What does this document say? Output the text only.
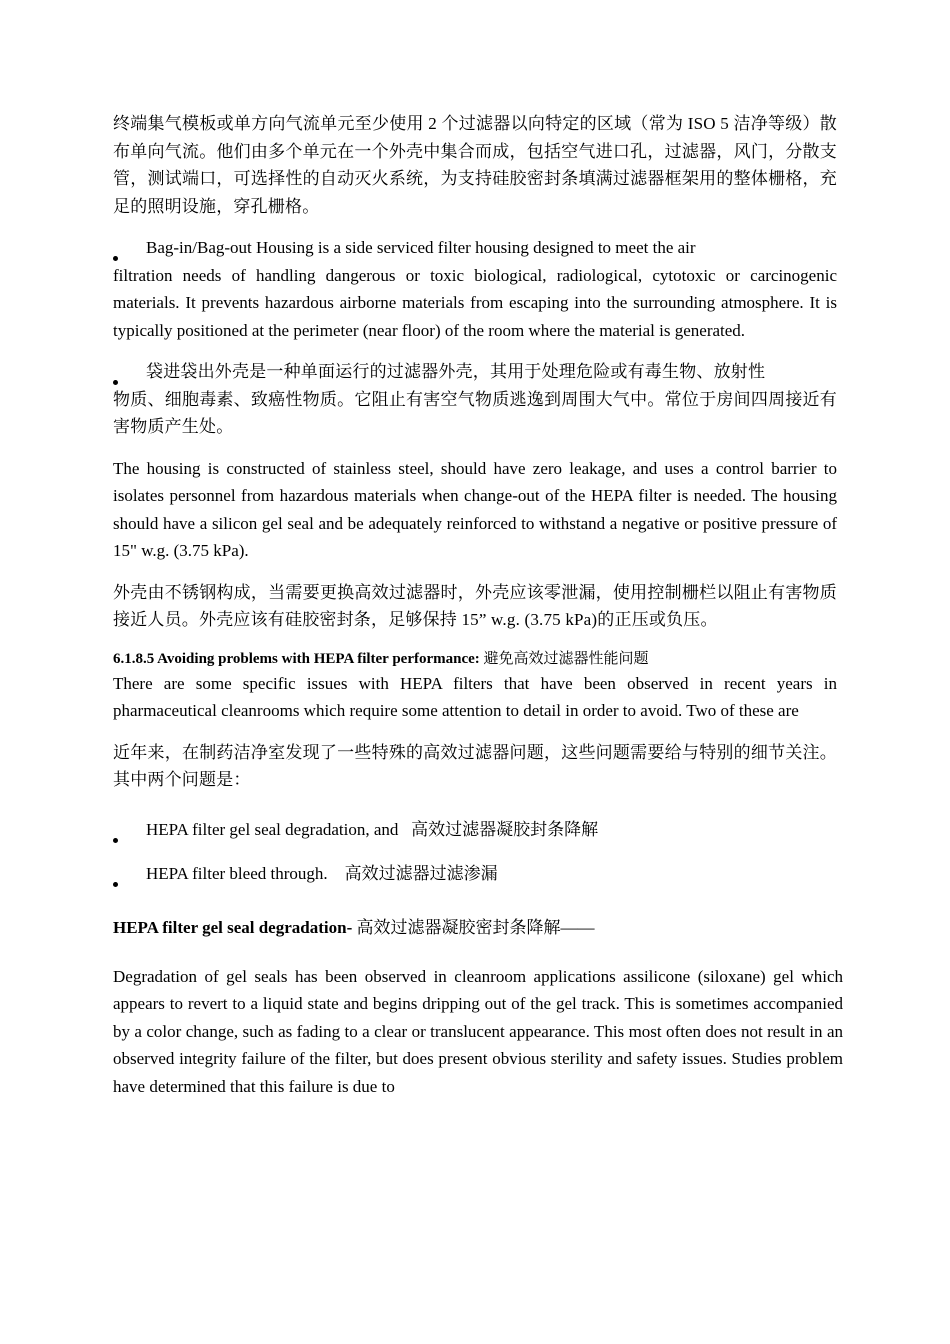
终端集气模板或单方向气流单元至少使用 2 个过滤器以向特定的区域（常为 ISO 5 洁净等级）散布单向气流。他们由多个单元在一个外壳中集合而成，包括空气进口孔，过滤器，风门，分散支管，测试端口，可选择性的自动灭火系统，为支持硅胶密封条填满过滤器框架用的整体栅格，充足的照明设施，穿孔栅格。

Bag-in/Bag-out Housing is a side serviced filter housing designed to meet the air

filtration needs of handling dangerous or toxic biological, radiological, cytotoxic or carcinogenic materials. It prevents hazardous airborne materials from escaping into the surrounding atmosphere. It is typically positioned at the perimeter (near floor) of the room where the material is generated.

袋进袋出外壳是一种单面运行的过滤器外壳，其用于处理危险或有毒生物、放射性

物质、细胞毒素、致癌性物质。它阻止有害空气物质逃逸到周围大气中。常位于房间四周接近有害物质产生处。

The housing is constructed of stainless steel, should have zero leakage, and uses a control barrier to isolates personnel from hazardous materials when change-out of the HEPA filter is needed. The housing should have a silicon gel seal and be adequately reinforced to withstand a negative or positive pressure of 15" w.g. (3.75 kPa).

外壳由不锈钢构成，当需要更换高效过滤器时，外壳应该零泄漏，使用控制栅栏以阻止有害物质接近人员。外壳应该有硅胶密封条，足够保持 15” w.g. (3.75 kPa)的正压或负压。

6.1.8.5 Avoiding problems with HEPA filter performance: 避免高效过滤器性能问题

There are some specific issues with HEPA filters that have been observed in recent years in pharmaceutical cleanrooms which require some attention to detail in order to avoid. Two of these are

近年来，在制药洁净室发现了一些特殊的高效过滤器问题，这些问题需要给与特别的细节关注。其中两个问题是：

HEPA filter gel seal degradation, and   高效过滤器凝胶封条降解
HEPA filter bleed through.    高效过滤器过滤渗漏

HEPA filter gel seal degradation- 高效过滤器凝胶密封条降解——

Degradation of gel seals has been observed in cleanroom applications assilicone (siloxane) gel which appears to revert to a liquid state and begins dripping out of the gel track. This is sometimes accompanied by a color change, such as fading to a clear or translucent appearance. This most often does not result in an observed integrity failure of the filter, but does present obvious sterility and safety issues. Studies problem have determined that this failure is due to
